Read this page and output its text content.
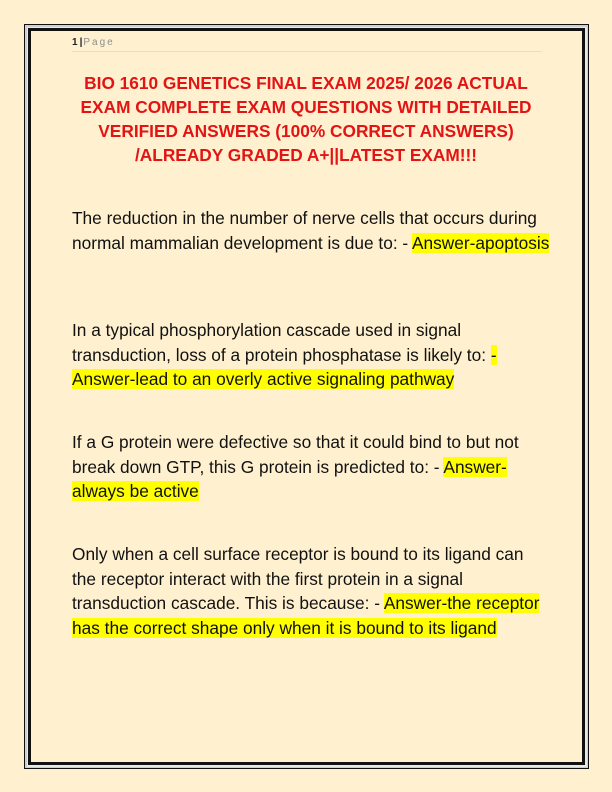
1 |Page
BIO 1610 GENETICS FINAL EXAM 2025/ 2026 ACTUAL EXAM COMPLETE EXAM QUESTIONS WITH DETAILED VERIFIED ANSWERS (100% CORRECT ANSWERS) /ALREADY GRADED A+||LATEST EXAM!!!

The reduction in the number of nerve cells that occurs during normal mammalian development is due to: - Answer-apoptosis

In a typical phosphorylation cascade used in signal transduction, loss of a protein phosphatase is likely to: - Answer-lead to an overly active signaling pathway

If a G protein were defective so that it could bind to but not break down GTP, this G protein is predicted to: - Answer-always be active

Only when a cell surface receptor is bound to its ligand can the receptor interact with the first protein in a signal transduction cascade. This is because: - Answer-the receptor has the correct shape only when it is bound to its ligand
